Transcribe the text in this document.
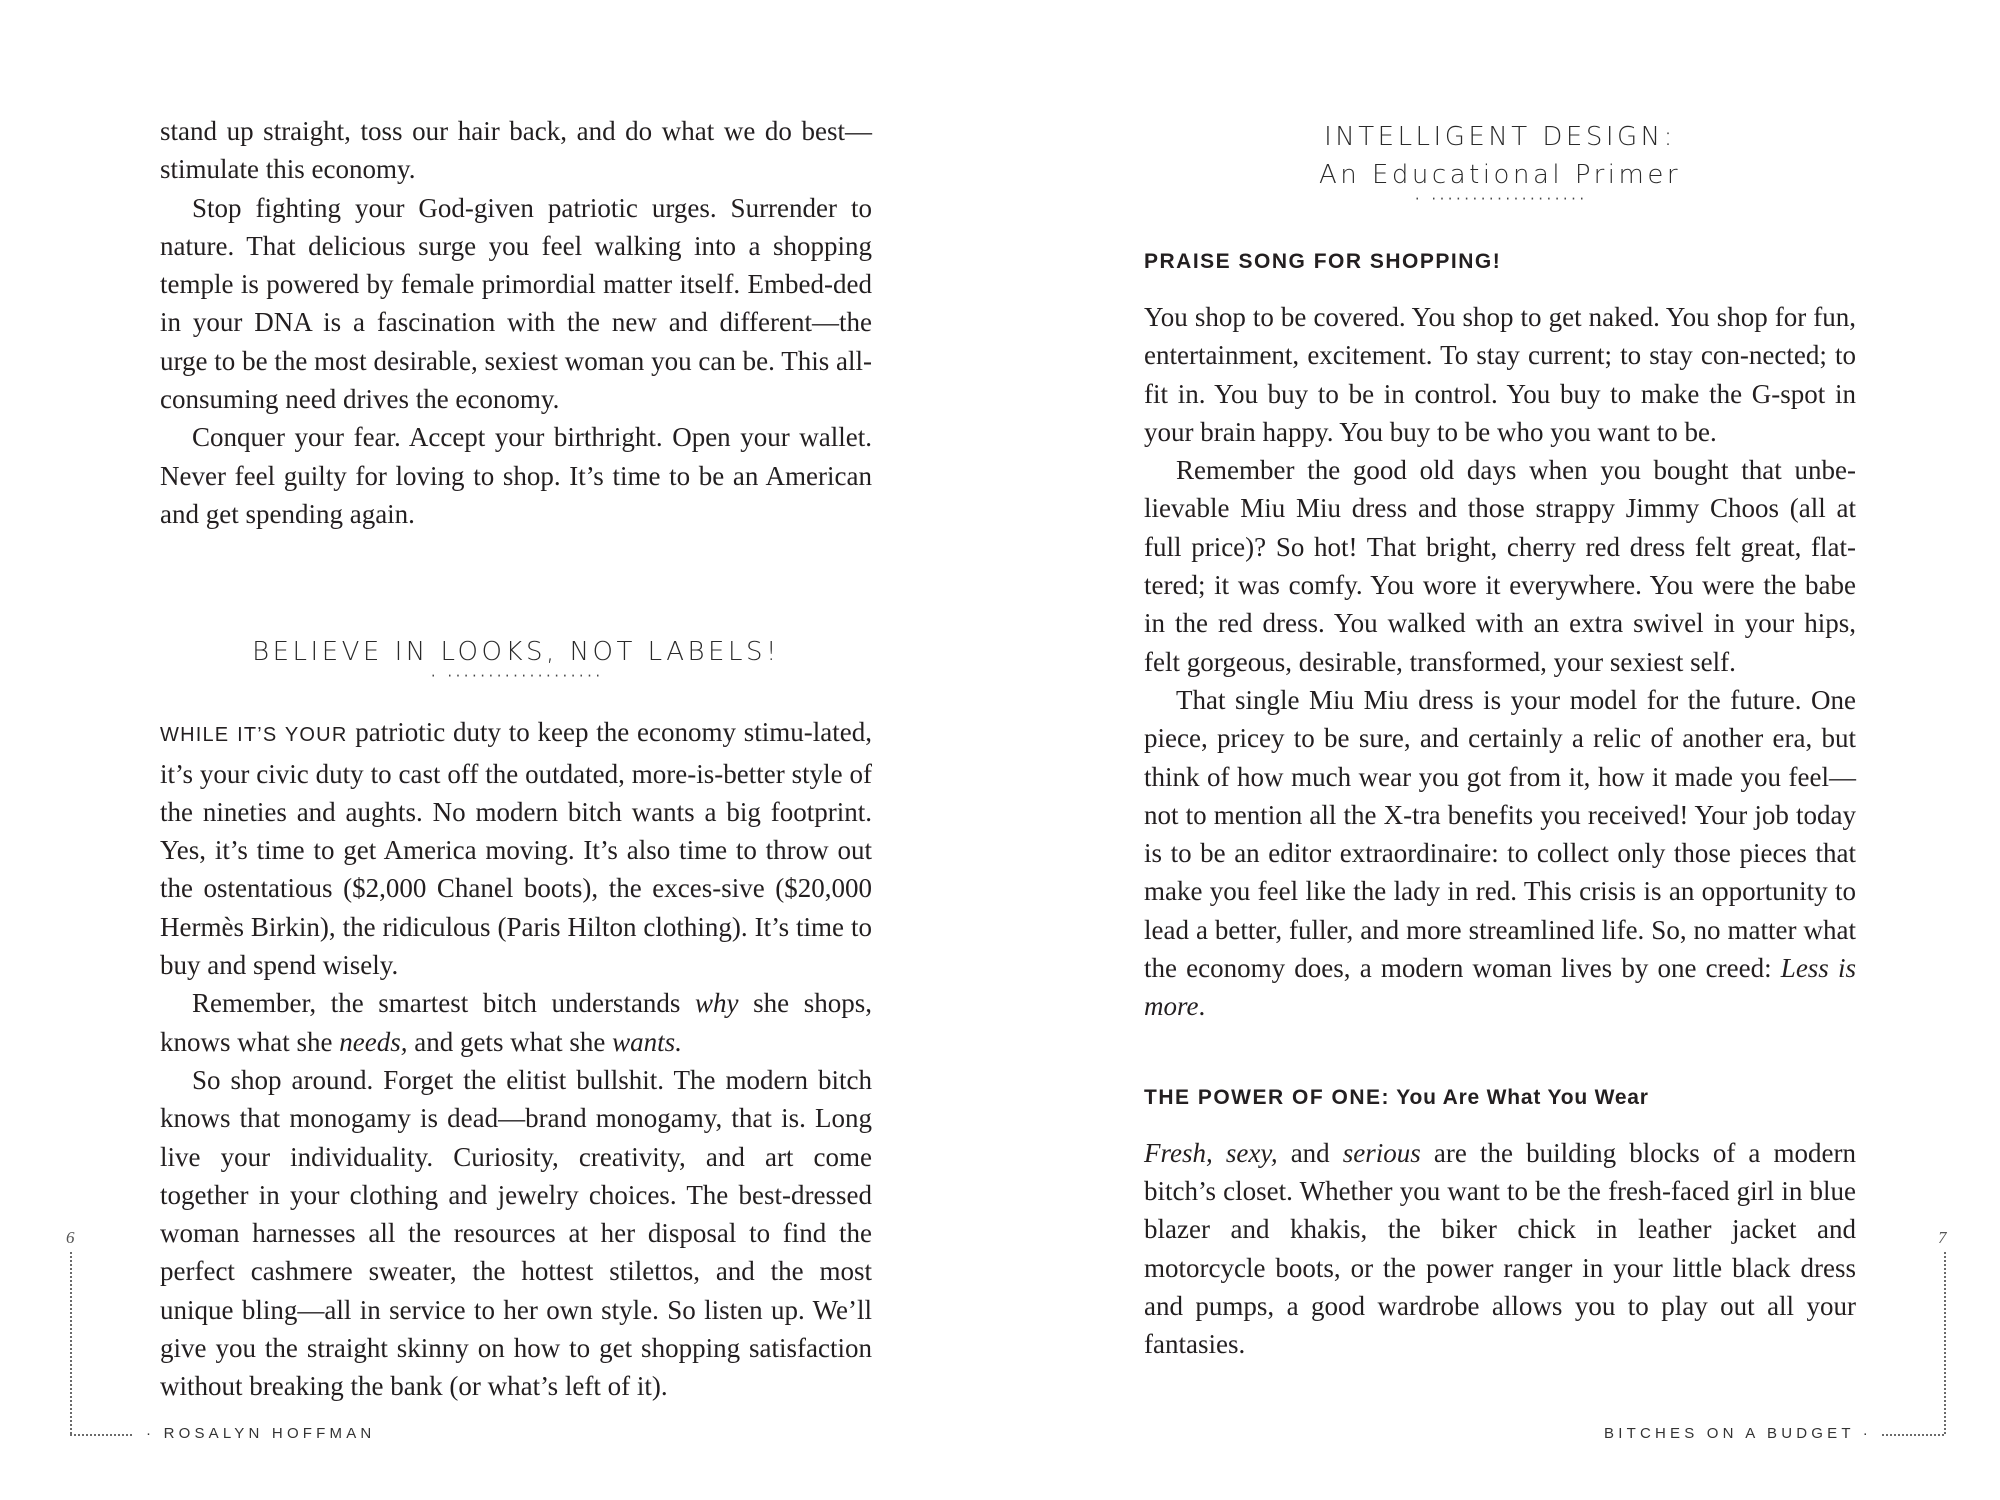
stand up straight, toss our hair back, and do what we do best—stimulate this economy.

Stop fighting your God-given patriotic urges. Surrender to nature. That delicious surge you feel walking into a shopping temple is powered by female primordial matter itself. Embed-ded in your DNA is a fascination with the new and different—the urge to be the most desirable, sexiest woman you can be. This all-consuming need drives the economy.

Conquer your fear. Accept your birthright. Open your wallet. Never feel guilty for loving to shop. It’s time to be an American and get spending again.

BELIEVE IN LOOKS, NOT LABELS!
· ···················

WHILE IT’S YOUR patriotic duty to keep the economy stimu-lated, it’s your civic duty to cast off the outdated, more-is-better style of the nineties and aughts. No modern bitch wants a big footprint. Yes, it’s time to get America moving. It’s also time to throw out the ostentatious ($2,000 Chanel boots), the exces-sive ($20,000 Hermès Birkin), the ridiculous (Paris Hilton clothing). It’s time to buy and spend wisely.

Remember, the smartest bitch understands why she shops, knows what she needs, and gets what she wants.

So shop around. Forget the elitist bullshit. The modern bitch knows that monogamy is dead—brand monogamy, that is. Long live your individuality. Curiosity, creativity, and art come together in your clothing and jewelry choices. The best-dressed woman harnesses all the resources at her disposal to find the perfect cashmere sweater, the hottest stilettos, and the most unique bling—all in service to her own style. So listen up. We’ll give you the straight skinny on how to get shopping satisfaction without breaking the bank (or what’s left of it).

6
· ROSALYN HOFFMAN
INTELLIGENT DESIGN:
An Educational Primer
· ···················
PRAISE SONG FOR SHOPPING!

You shop to be covered. You shop to get naked. You shop for fun, entertainment, excitement. To stay current; to stay con-nected; to fit in. You buy to be in control. You buy to make the G-spot in your brain happy. You buy to be who you want to be.

Remember the good old days when you bought that unbe-lievable Miu Miu dress and those strappy Jimmy Choos (all at full price)? So hot! That bright, cherry red dress felt great, flat-tered; it was comfy. You wore it everywhere. You were the babe in the red dress. You walked with an extra swivel in your hips, felt gorgeous, desirable, transformed, your sexiest self.

That single Miu Miu dress is your model for the future. One piece, pricey to be sure, and certainly a relic of another era, but think of how much wear you got from it, how it made you feel—not to mention all the X-tra benefits you received! Your job today is to be an editor extraordinaire: to collect only those pieces that make you feel like the lady in red. This crisis is an opportunity to lead a better, fuller, and more streamlined life. So, no matter what the economy does, a modern woman lives by one creed: Less is more.

THE POWER OF ONE: You Are What You Wear

Fresh, sexy, and serious are the building blocks of a modern bitch’s closet. Whether you want to be the fresh-faced girl in blue blazer and khakis, the biker chick in leather jacket and motorcycle boots, or the power ranger in your little black dress and pumps, a good wardrobe allows you to play out all your fantasies.

7
BITCHES ON A BUDGET ·
